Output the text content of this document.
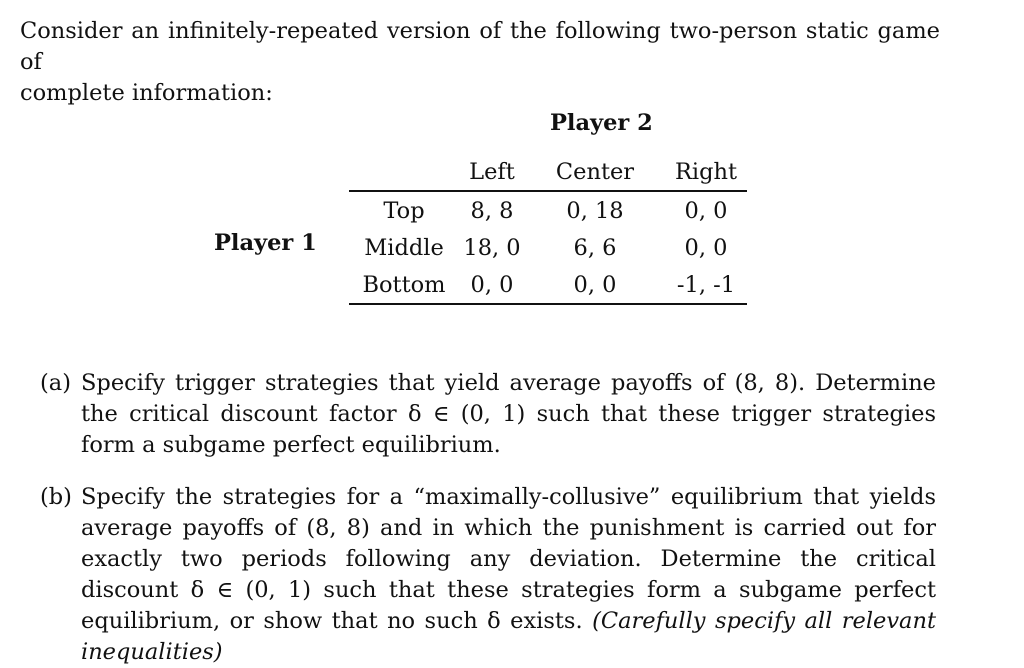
Consider an infinitely-repeated version of the following two-person static game of
complete information:
Player 2
Player 1
	Left	Center	Right
Top	8, 8	0, 18	0, 0
Middle	18, 0	6, 6	0, 0
Bottom	0, 0	0, 0	-1, -1
(a) Specify trigger strategies that yield average payoffs of (8, 8). Determine the critical discount factor δ ∈ (0, 1) such that these trigger strategies form a subgame perfect equilibrium.
(b) Specify the strategies for a “maximally-collusive” equilibrium that yields average payoffs of (8, 8) and in which the punishment is carried out for exactly two periods following any deviation. Determine the critical discount δ ∈ (0, 1) such that these strategies form a subgame perfect equilibrium, or show that no such δ exists. (Carefully specify all relevant inequalities)
